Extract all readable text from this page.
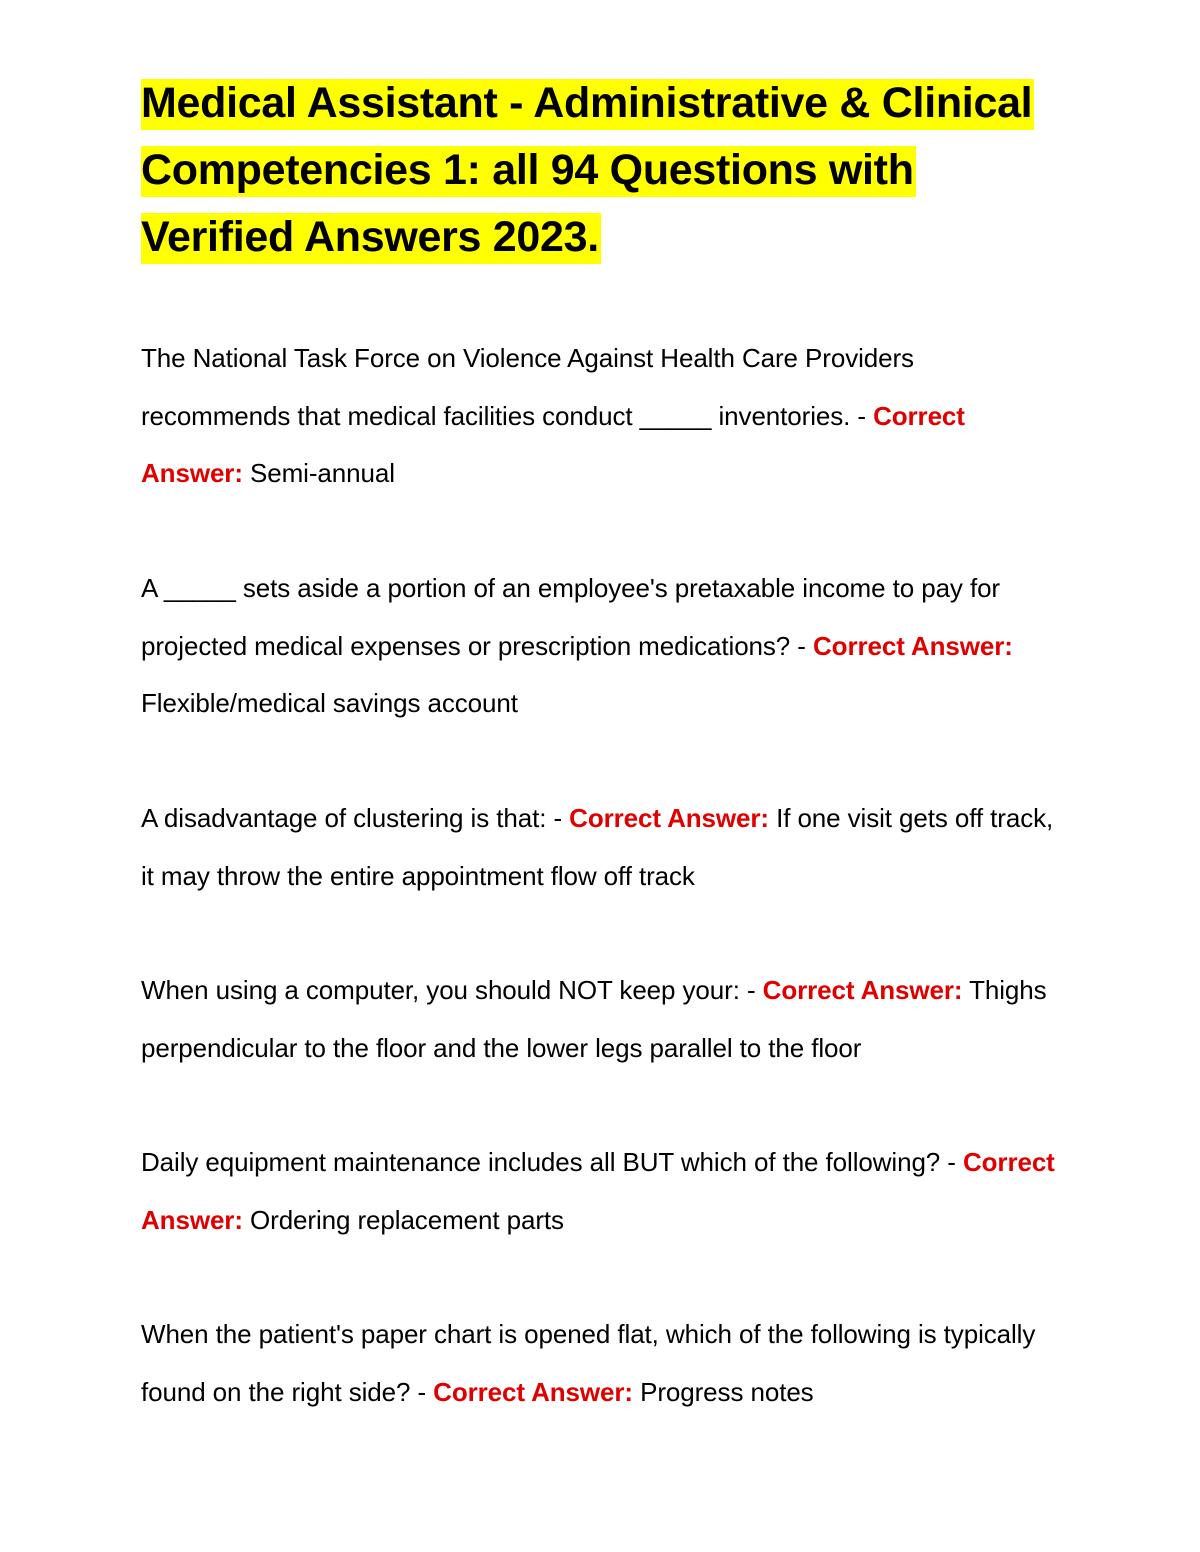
Medical Assistant - Administrative & Clinical Competencies 1: all 94 Questions with Verified Answers 2023.

The National Task Force on Violence Against Health Care Providers recommends that medical facilities conduct _____ inventories. - Correct Answer: Semi-annual

A _____ sets aside a portion of an employee's pretaxable income to pay for projected medical expenses or prescription medications? - Correct Answer: Flexible/medical savings account

A disadvantage of clustering is that: - Correct Answer: If one visit gets off track, it may throw the entire appointment flow off track

When using a computer, you should NOT keep your: - Correct Answer: Thighs perpendicular to the floor and the lower legs parallel to the floor

Daily equipment maintenance includes all BUT which of the following? - Correct Answer: Ordering replacement parts

When the patient's paper chart is opened flat, which of the following is typically found on the right side? - Correct Answer: Progress notes
